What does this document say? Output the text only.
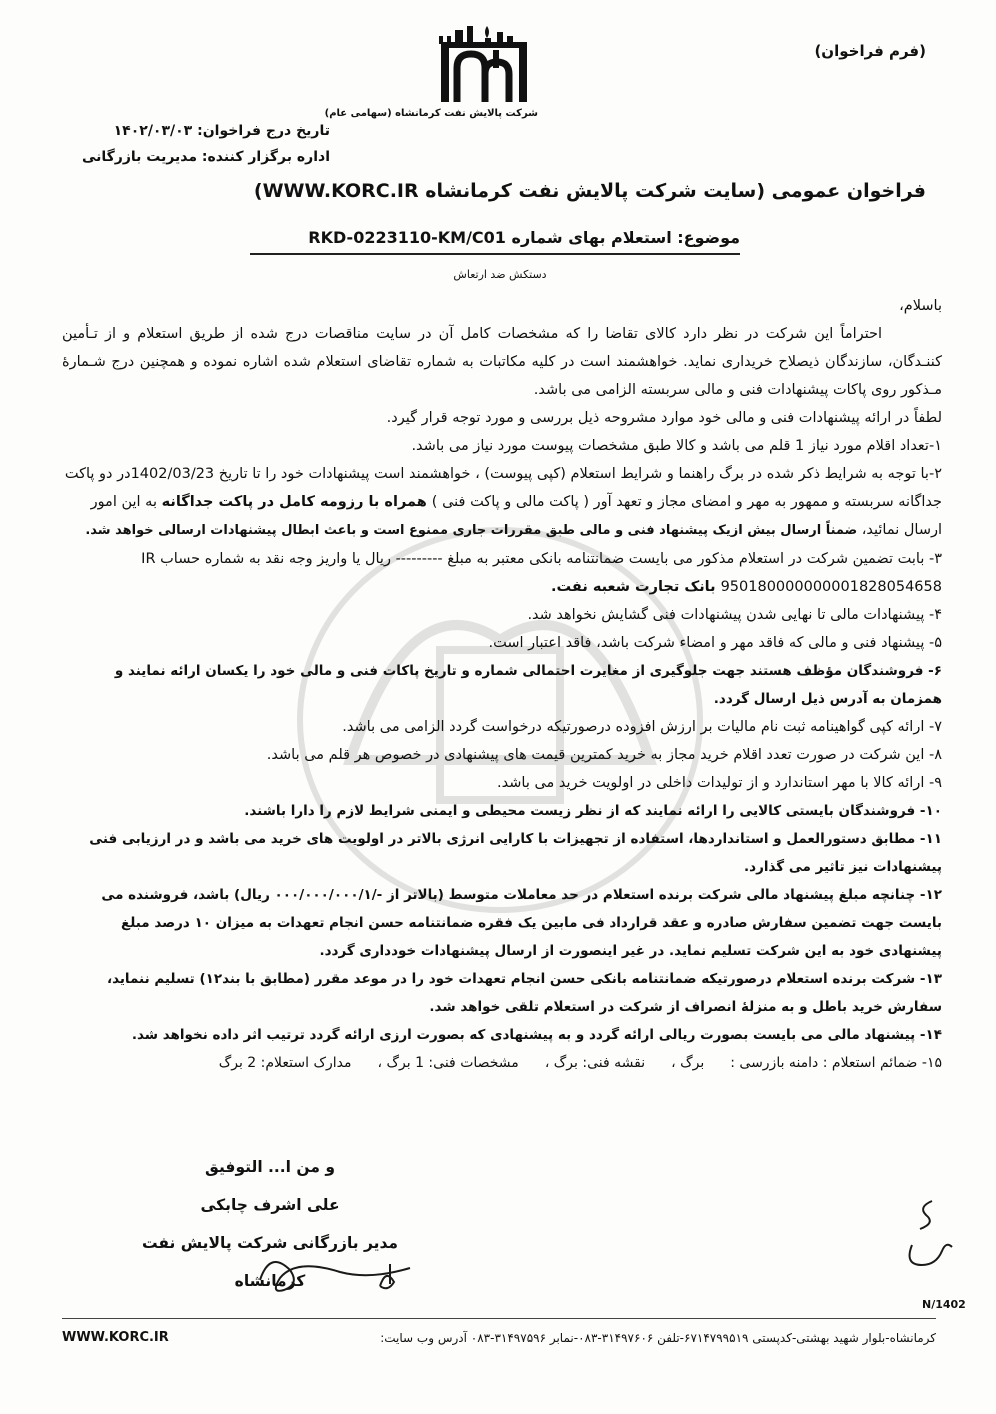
(فرم فراخوان)
شرکت پالایش نفت کرمانشاه (سهامی عام)
تاریخ درج فراخوان: ۱۴۰۲/۰۳/۰۳
اداره برگزار کننده: مدیریت بازرگانی
فراخوان عمومی (سایت شرکت پالایش نفت کرمانشاه WWW.KORC.IR)
موضوع: استعلام بهای شماره RKD-0223110-KM/C01
دستکش ضد ارتعاش

باسلام،

احتراماً این شرکت در نظر دارد کالای تقاضا را که مشخصات کامل آن در سایت مناقصات درج شده از طریق استعلام و از تـأمین کننـدگان، سازندگان ذیصلاح خریداری نماید. خواهشمند است در کلیه مکاتبات به شماره تقاضای استعلام شده اشاره نموده و همچنین درج شـمارهٔ مـذکور روی پاکات پیشنهادات فنی و مالی سربسته الزامی می باشد.

لطفاً در ارائه پیشنهادات فنی و مالی خود موارد مشروحه ذیل بررسی و مورد توجه قرار گیرد.

۱-تعداد اقلام مورد نیاز 1 قلم می باشد و کالا طبق مشخصات پیوست مورد نیاز می باشد.

۲-با توجه به شرایط ذکر شده در برگ راهنما و شرایط استعلام (کپی پیوست) ، خواهشمند است پیشنهادات خود را تا تاریخ 1402/03/23در دو پاکت جداگانه سربسته و ممهور به مهر و امضای مجاز و تعهد آور ( پاکت مالی و پاکت فنی ) همراه با رزومه کامل در پاکت جداگانه به این امور ارسال نمائید، ضمناً ارسال بیش ازیک پیشنهاد فنی و مالی طبق مقررات جاری ممنوع است و باعث ابطال پیشنهادات ارسالی خواهد شد.

۳- بابت تضمین شرکت در استعلام مذکور می بایست ضمانتنامه بانکی معتبر به مبلغ --------- ریال یا واریز وجه نقد به شماره حساب IR 950180000000001828054658 بانک تجارت شعبه نفت.

۴- پیشنهادات مالی تا نهایی شدن پیشنهادات فنی گشایش نخواهد شد.

۵- پیشنهاد فنی و مالی که فاقد مهر و امضاء شرکت باشد، فاقد اعتبار است.

۶- فروشندگان مؤظف هستند جهت جلوگیری از مغایرت احتمالی شماره و تاریخ پاکات فنی و مالی خود را یکسان ارائه نمایند و همزمان به آدرس ذیل ارسال گردد.

۷- ارائه کپی گواهینامه ثبت نام مالیات بر ارزش افزوده درصورتیکه درخواست گردد الزامی می باشد.

۸- این شرکت در صورت تعدد اقلام خرید مجاز به خرید کمترین قیمت های پیشنهادی در خصوص هر قلم می باشد.

۹- ارائه کالا با مهر استاندارد و از تولیدات داخلی در اولویت خرید می باشد.

۱۰- فروشندگان بایستی کالایی را ارائه نمایند که از نظر زیست محیطی و ایمنی شرایط لازم را دارا باشند.

۱۱- مطابق دستورالعمل و استانداردها، استفاده از تجهیزات با کارایی انرژی بالاتر در اولویت های خرید می باشد و در ارزیابی فنی پیشنهادات نیز تاثیر می گذارد.

۱۲- چنانچه مبلغ پیشنهاد مالی شرکت برنده استعلام در حد معاملات متوسط (بالاتر از -/۰۰۰/۰۰۰/۰۰۰/۱ ریال) باشد، فروشنده می بایست جهت تضمین سفارش صادره و عقد قرارداد فی مابین یک فقره ضمانتنامه حسن انجام تعهدات به میزان ۱۰ درصد مبلغ پیشنهادی خود به این شرکت تسلیم نماید. در غیر اینصورت از ارسال پیشنهادات خودداری گردد.

۱۳- شرکت برنده استعلام درصورتیکه ضمانتنامه بانکی حسن انجام تعهدات خود را در موعد مقرر (مطابق با بند۱۲) تسلیم ننماید، سفارش خرید باطل و به منزلهٔ انصراف از شرکت در استعلام تلقی خواهد شد.

۱۴- پیشنهاد مالی می بایست بصورت ریالی ارائه گردد و به پیشنهادی که بصورت ارزی ارائه گردد ترتیب اثر داده نخواهد شد.

۱۵- ضمائم استعلام : دامنه بازرسی :
برگ ،
نقشه فنی: برگ ،
مشخصات فنی: 1 برگ ،
مدارک استعلام: 2 برگ
و من ا... التوفیق
علی اشرف چابکی
مدیر بازرگانی شرکت پالایش نفت کرمانشاه
N/1402
کرمانشاه-بلوار شهید بهشتی-کدپستی ۶۷۱۴۷۹۹۵۱۹-تلفن ۳۱۴۹۷۶۰۶-۰۸۳-نمابر ۳۱۴۹۷۵۹۶-۰۸۳ آدرس وب سایت:
WWW.KORC.IR
